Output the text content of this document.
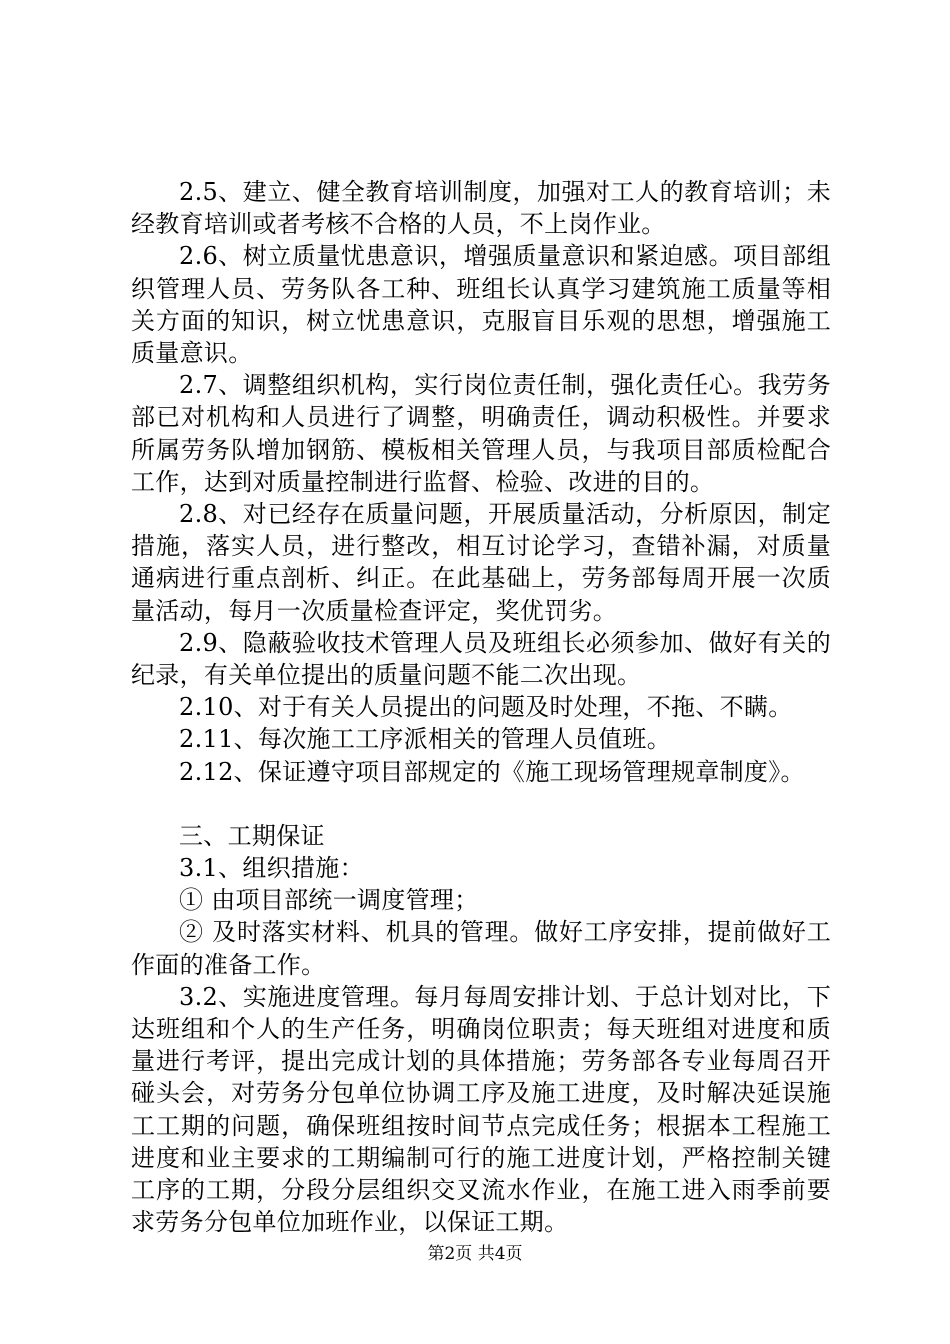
2.5、建立、健全教育培训制度，加强对工人的教育培训；未经教育培训或者考核不合格的人员，不上岗作业。

2.6、树立质量忧患意识，增强质量意识和紧迫感。项目部组织管理人员、劳务队各工种、班组长认真学习建筑施工质量等相关方面的知识，树立忧患意识，克服盲目乐观的思想，增强施工质量意识。

2.7、调整组织机构，实行岗位责任制，强化责任心。我劳务部已对机构和人员进行了调整，明确责任，调动积极性。并要求所属劳务队增加钢筋、模板相关管理人员，与我项目部质检配合工作，达到对质量控制进行监督、检验、改进的目的。

2.8、对已经存在质量问题，开展质量活动，分析原因，制定措施，落实人员，进行整改，相互讨论学习，查错补漏，对质量通病进行重点剖析、纠正。在此基础上，劳务部每周开展一次质量活动，每月一次质量检查评定，奖优罚劣。

2.9、隐蔽验收技术管理人员及班组长必须参加、做好有关的纪录，有关单位提出的质量问题不能二次出现。

2.10、对于有关人员提出的问题及时处理，不拖、不瞒。

2.11、每次施工工序派相关的管理人员值班。

2.12、保证遵守项目部规定的《施工现场管理规章制度》。

三、工期保证

3.1、组织措施：

① 由项目部统一调度管理；

② 及时落实材料、机具的管理。做好工序安排，提前做好工作面的准备工作。

3.2、实施进度管理。每月每周安排计划、于总计划对比，下达班组和个人的生产任务，明确岗位职责；每天班组对进度和质量进行考评，提出完成计划的具体措施；劳务部各专业每周召开碰头会，对劳务分包单位协调工序及施工进度，及时解决延误施工工期的问题，确保班组按时间节点完成任务；根据本工程施工进度和业主要求的工期编制可行的施工进度计划，严格控制关键工序的工期，分段分层组织交叉流水作业，在施工进入雨季前要求劳务分包单位加班作业，以保证工期。

第2页 共4页
